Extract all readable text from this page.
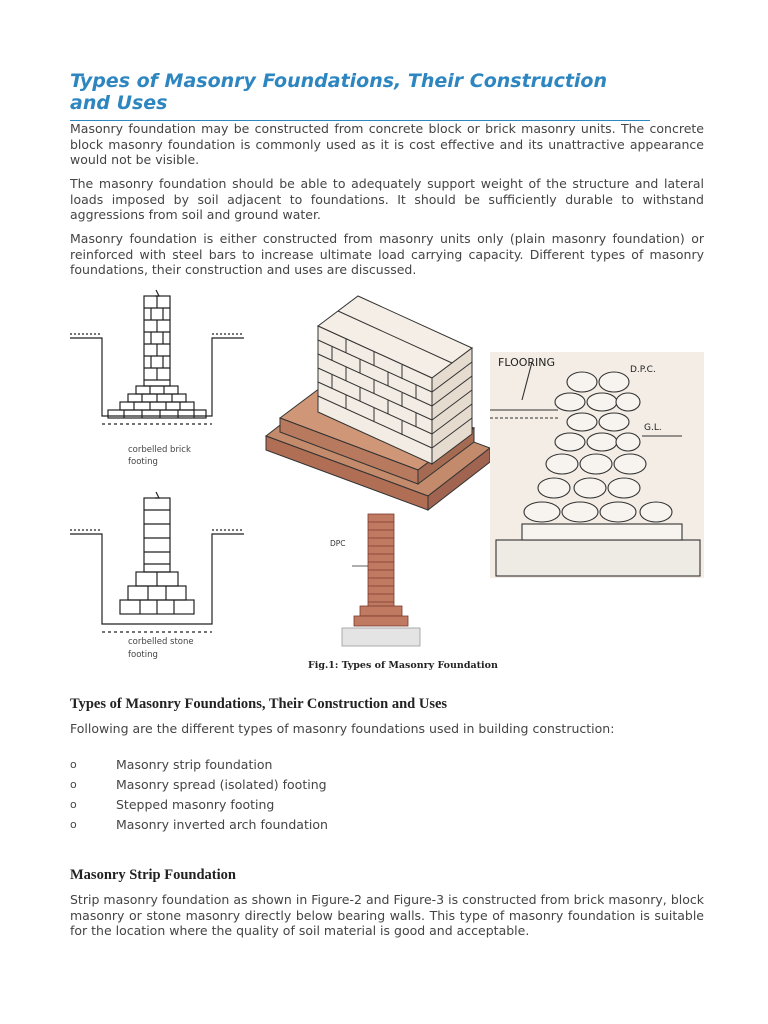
Types of Masonry Foundations, Their Construction and Uses

Masonry foundation may be constructed from concrete block or brick masonry units. The concrete block masonry foundation is commonly used as it is cost effective and its unattractive appearance would not be visible.

The masonry foundation should be able to adequately support weight of the structure and lateral loads imposed by soil adjacent to foundations. It should be sufficiently durable to withstand aggressions from soil and ground water.

Masonry foundation is either constructed from masonry units only (plain masonry foundation) or reinforced with steel bars to increase ultimate load carrying capacity. Different types of masonry foundations, their construction and uses are discussed.

corbelled brick
footing
corbelled stone
footing
DPC
FLOORING
D.P.C.
G.L.
Fig.1: Types of Masonry Foundation
Types of Masonry Foundations, Their Construction and Uses

Following are the different types of masonry foundations used in building construction:

o	Masonry strip foundation
o	Masonry spread (isolated) footing
o	Stepped masonry footing
o	Masonry inverted arch foundation
Masonry Strip Foundation

Strip masonry foundation as shown in Figure-2 and Figure-3 is constructed from brick masonry, block masonry or stone masonry directly below bearing walls. This type of masonry foundation is suitable for the location where the quality of soil material is good and acceptable.
